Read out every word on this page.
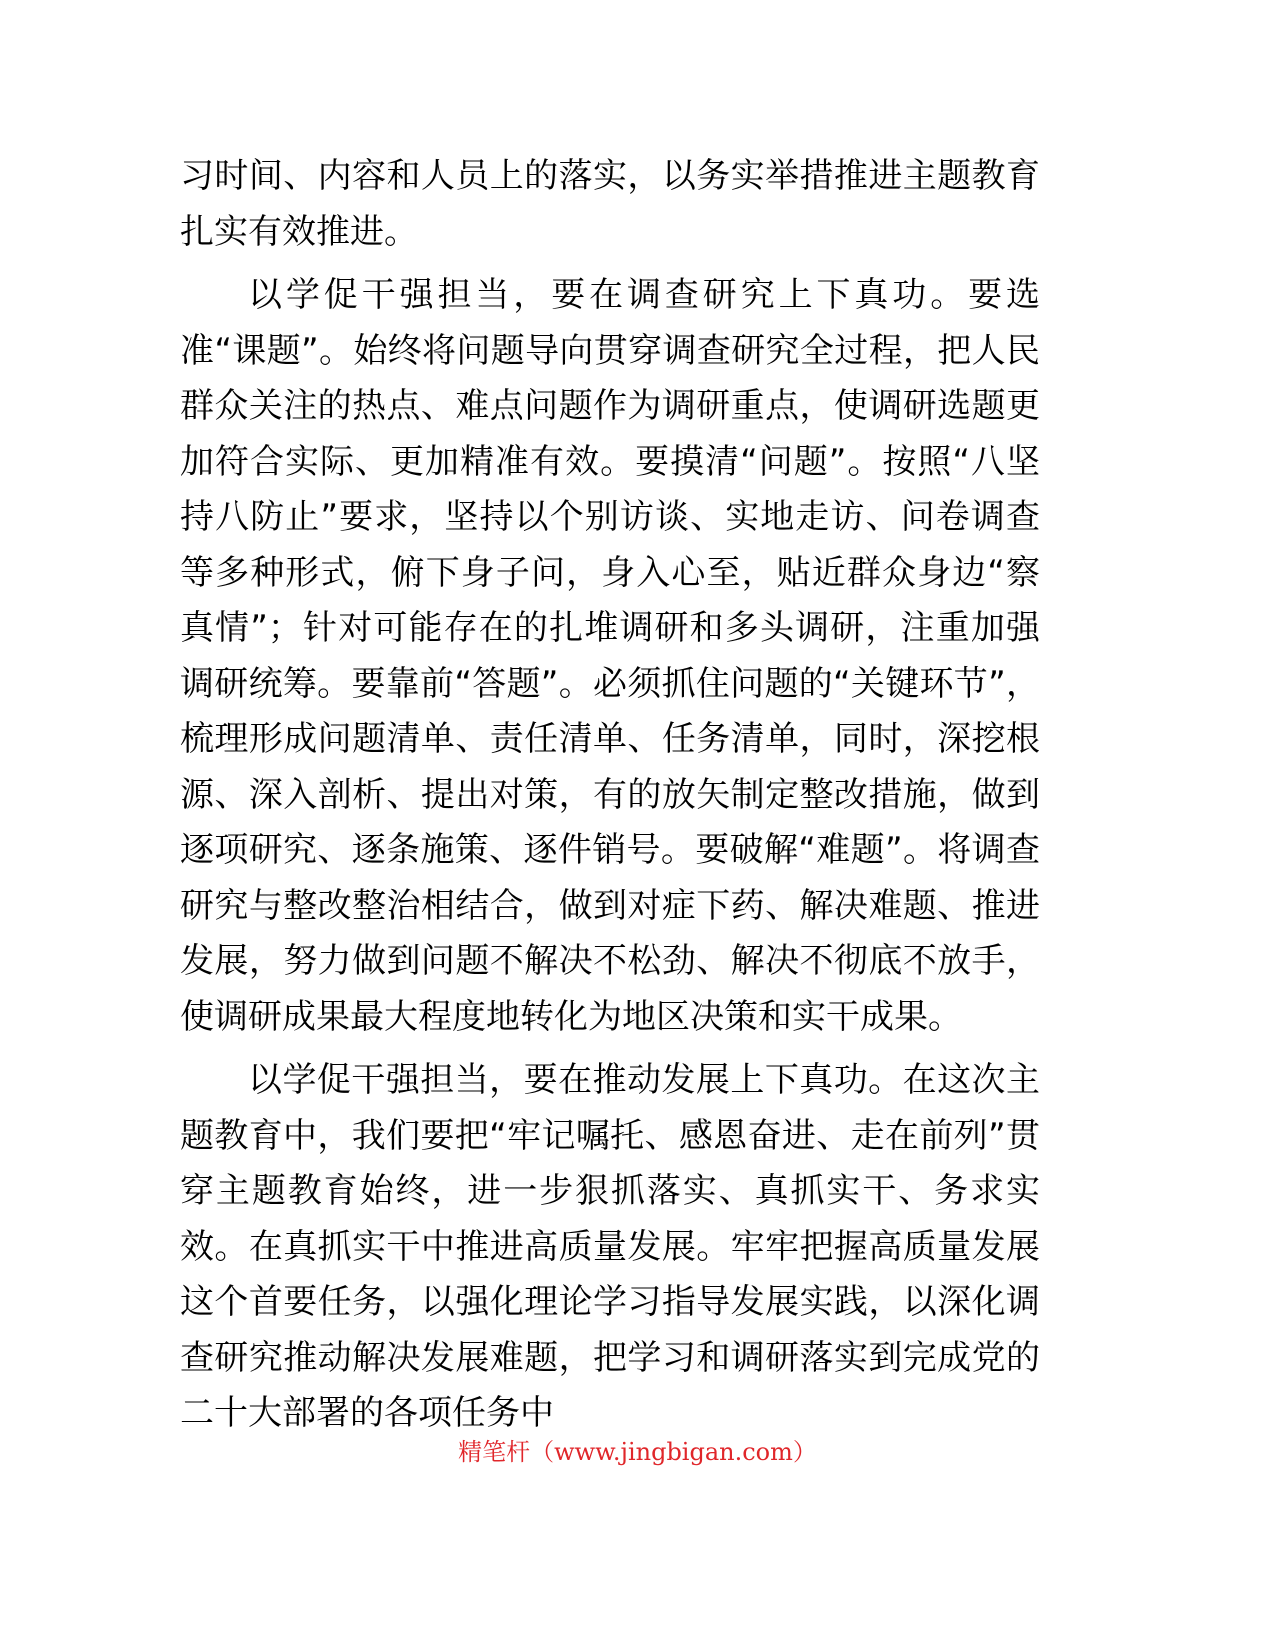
习时间、内容和人员上的落实，以务实举措推进主题教育扎实有效推进。

以学促干强担当，要在调查研究上下真功。要选准“课题”。始终将问题导向贯穿调查研究全过程，把人民群众关注的热点、难点问题作为调研重点，使调研选题更加符合实际、更加精准有效。要摸清“问题”。按照“八坚持八防止”要求，坚持以个别访谈、实地走访、问卷调查等多种形式，俯下身子问，身入心至，贴近群众身边“察真情”；针对可能存在的扎堆调研和多头调研，注重加强调研统筹。要靠前“答题”。必须抓住问题的“关键环节”，梳理形成问题清单、责任清单、任务清单，同时，深挖根源、深入剖析、提出对策，有的放矢制定整改措施，做到逐项研究、逐条施策、逐件销号。要破解“难题”。将调查研究与整改整治相结合，做到对症下药、解决难题、推进发展，努力做到问题不解决不松劲、解决不彻底不放手，使调研成果最大程度地转化为地区决策和实干成果。

以学促干强担当，要在推动发展上下真功。在这次主题教育中，我们要把“牢记嘱托、感恩奋进、走在前列”贯穿主题教育始终，进一步狠抓落实、真抓实干、务求实效。在真抓实干中推进高质量发展。牢牢把握高质量发展这个首要任务，以强化理论学习指导发展实践，以深化调查研究推动解决发展难题，把学习和调研落实到完成党的二十大部署的各项任务中

精笔杆（www.jingbigan.com）
